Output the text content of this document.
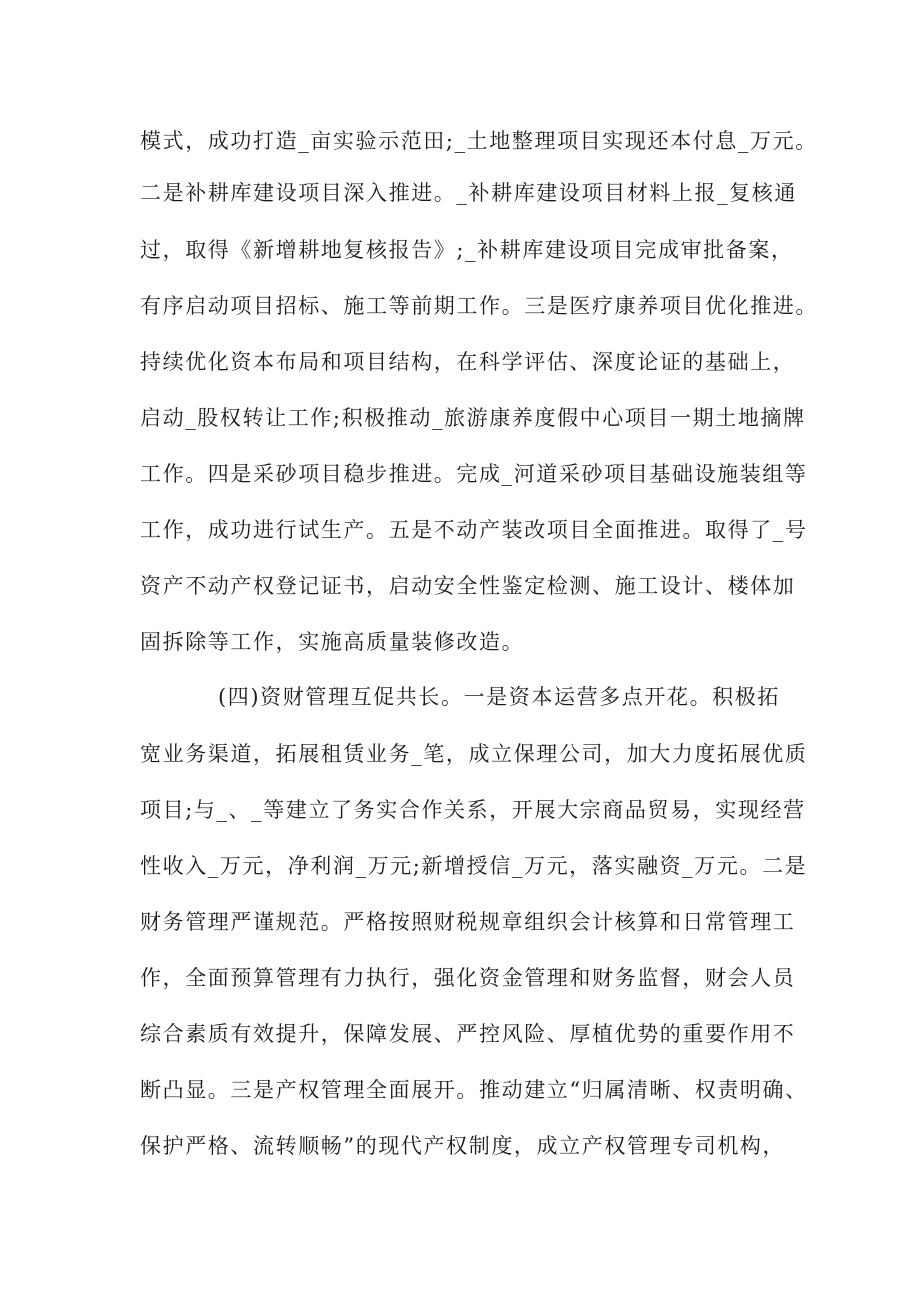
模式，成功打造_亩实验示范田;_土地整理项目实现还本付息_万元。
二是补耕库建设项目深入推进。_补耕库建设项目材料上报_复核通
过，取得《新增耕地复核报告》;_补耕库建设项目完成审批备案，
有序启动项目招标、施工等前期工作。三是医疗康养项目优化推进。
持续优化资本布局和项目结构，在科学评估、深度论证的基础上，
启动_股权转让工作;积极推动_旅游康养度假中心项目一期土地摘牌
工作。四是采砂项目稳步推进。完成_河道采砂项目基础设施装组等
工作，成功进行试生产。五是不动产装改项目全面推进。取得了_号
资产不动产权登记证书，启动安全性鉴定检测、施工设计、楼体加
固拆除等工作，实施高质量装修改造。
(四)资财管理互促共长。一是资本运营多点开花。积极拓
宽业务渠道，拓展租赁业务_笔，成立保理公司，加大力度拓展优质
项目;与_、_等建立了务实合作关系，开展大宗商品贸易，实现经营
性收入_万元，净利润_万元;新增授信_万元，落实融资_万元。二是
财务管理严谨规范。严格按照财税规章组织会计核算和日常管理工
作，全面预算管理有力执行，强化资金管理和财务监督，财会人员
综合素质有效提升，保障发展、严控风险、厚植优势的重要作用不
断凸显。三是产权管理全面展开。推动建立“归属清晰、权责明确、
保护严格、流转顺畅”的现代产权制度，成立产权管理专司机构，
